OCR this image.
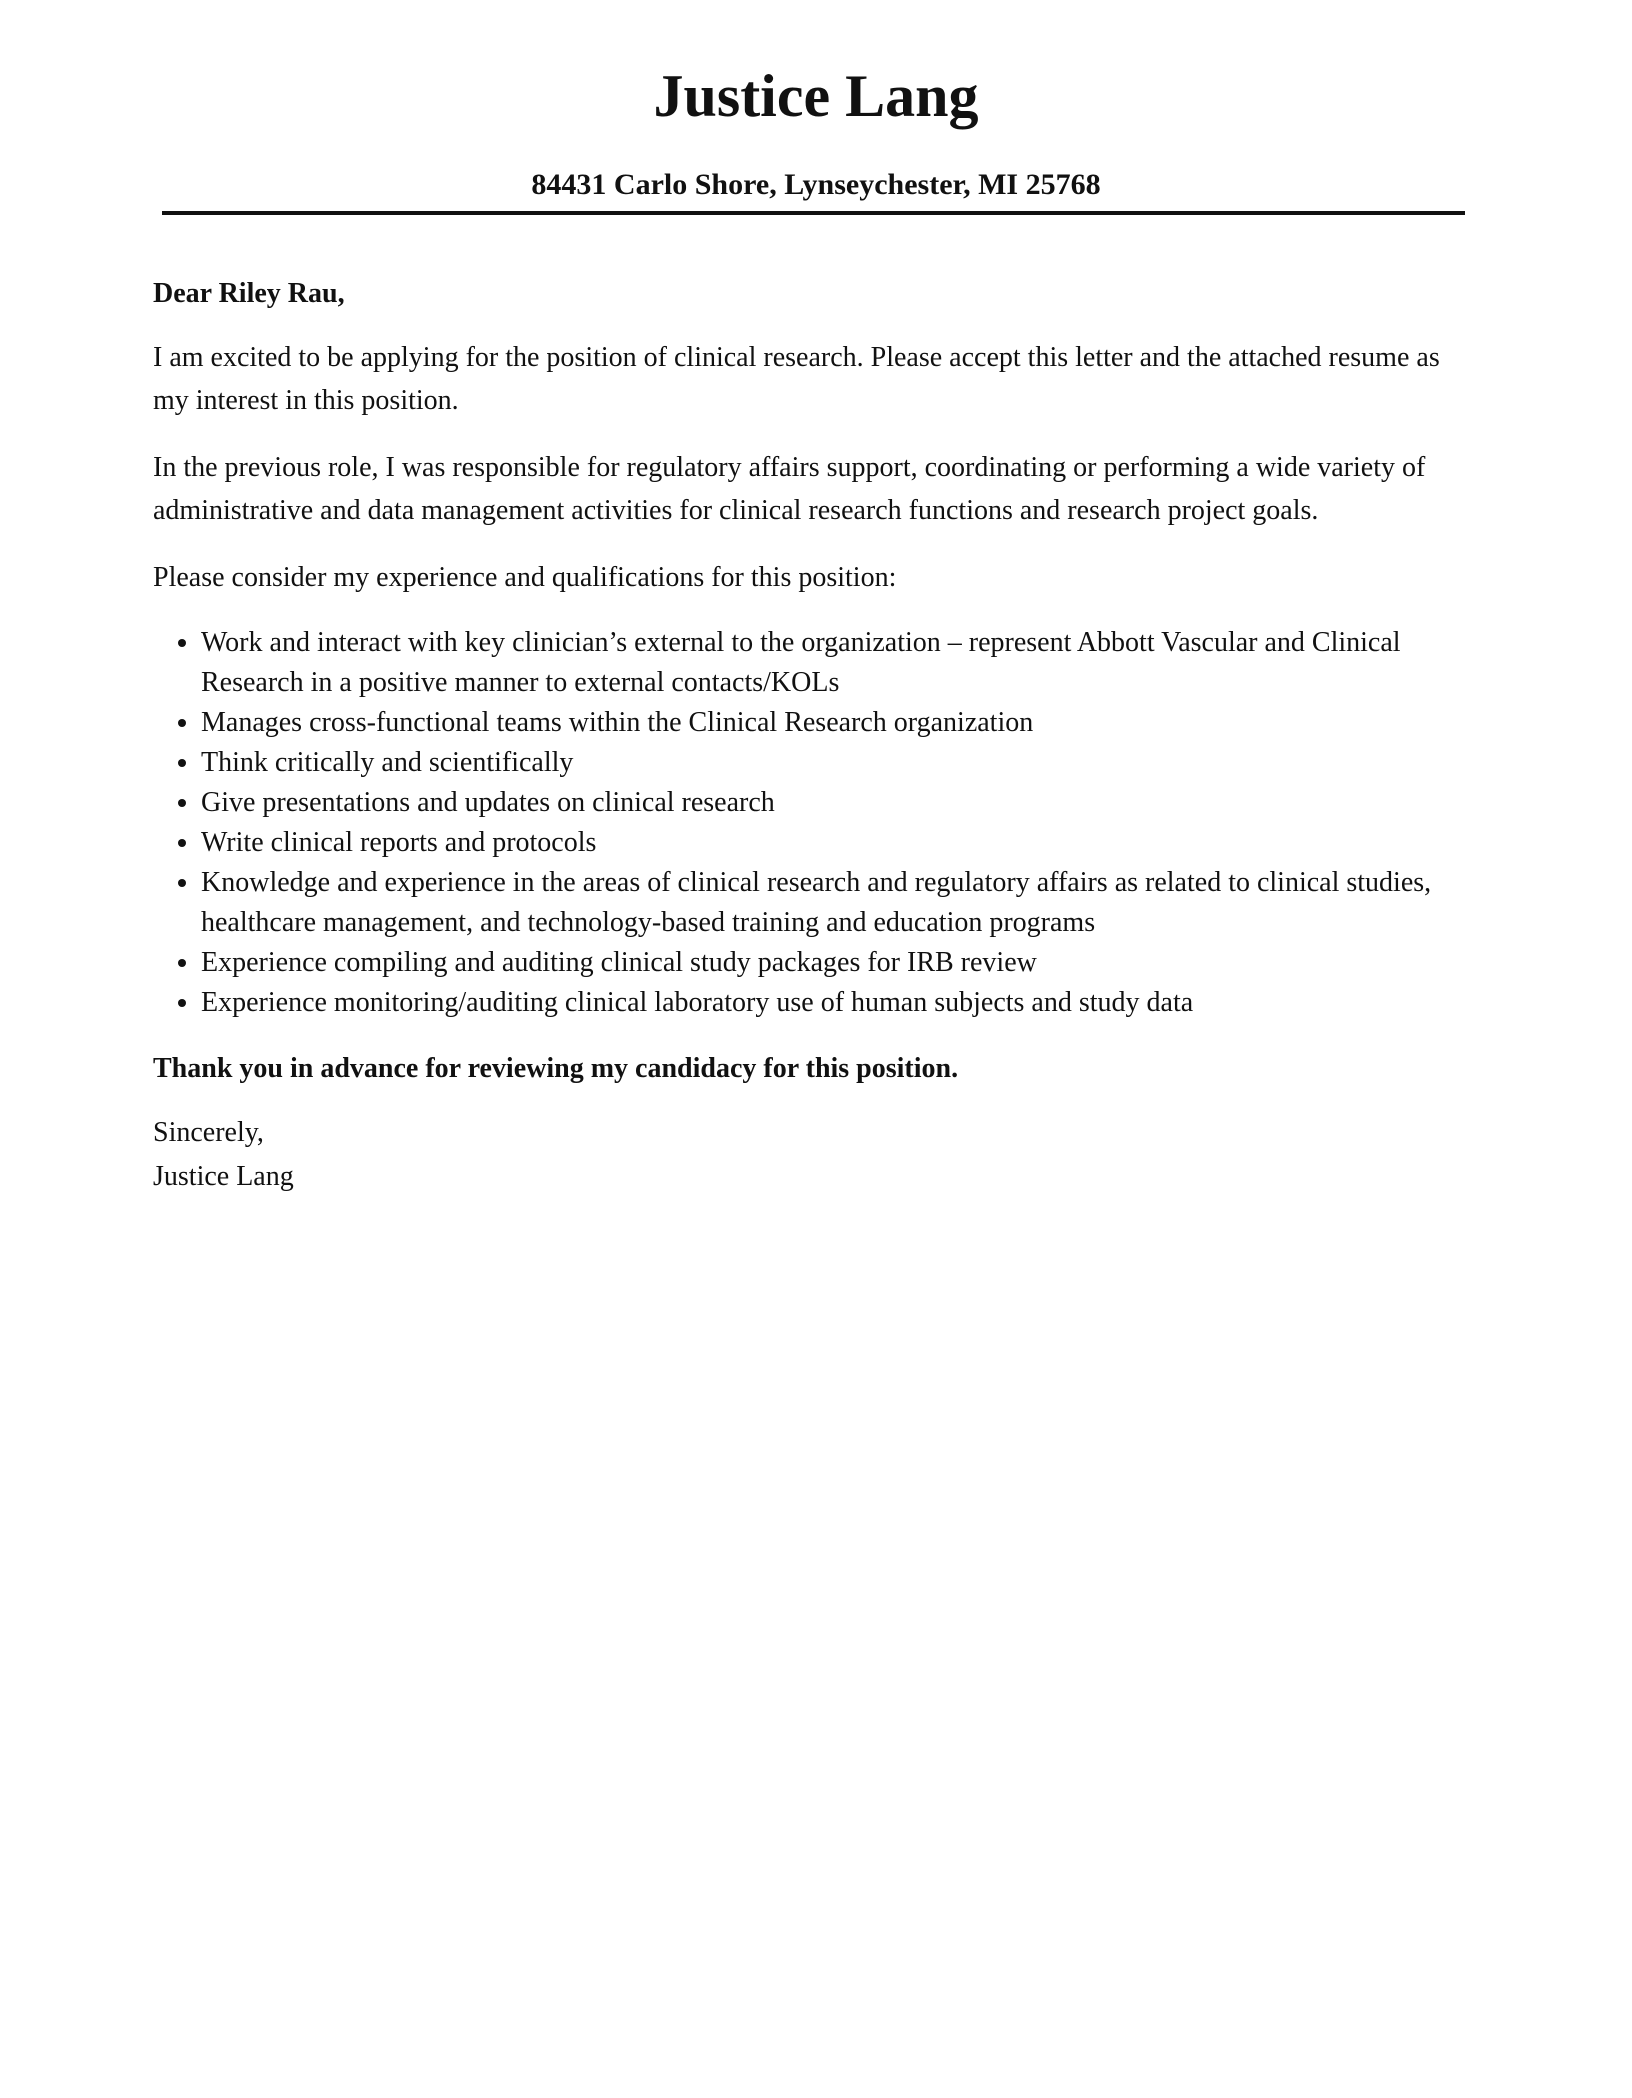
Justice Lang
84431 Carlo Shore, Lynseychester, MI 25768

Dear Riley Rau,

I am excited to be applying for the position of clinical research. Please accept this letter and the attached resume as my interest in this position.

In the previous role, I was responsible for regulatory affairs support, coordinating or performing a wide variety of administrative and data management activities for clinical research functions and research project goals.

Please consider my experience and qualifications for this position:

• Work and interact with key clinician’s external to the organization – represent Abbott Vascular and Clinical Research in a positive manner to external contacts/KOLs
• Manages cross-functional teams within the Clinical Research organization
• Think critically and scientifically
• Give presentations and updates on clinical research
• Write clinical reports and protocols
• Knowledge and experience in the areas of clinical research and regulatory affairs as related to clinical studies, healthcare management, and technology-based training and education programs
• Experience compiling and auditing clinical study packages for IRB review
• Experience monitoring/auditing clinical laboratory use of human subjects and study data

Thank you in advance for reviewing my candidacy for this position.

Sincerely,

Justice Lang
